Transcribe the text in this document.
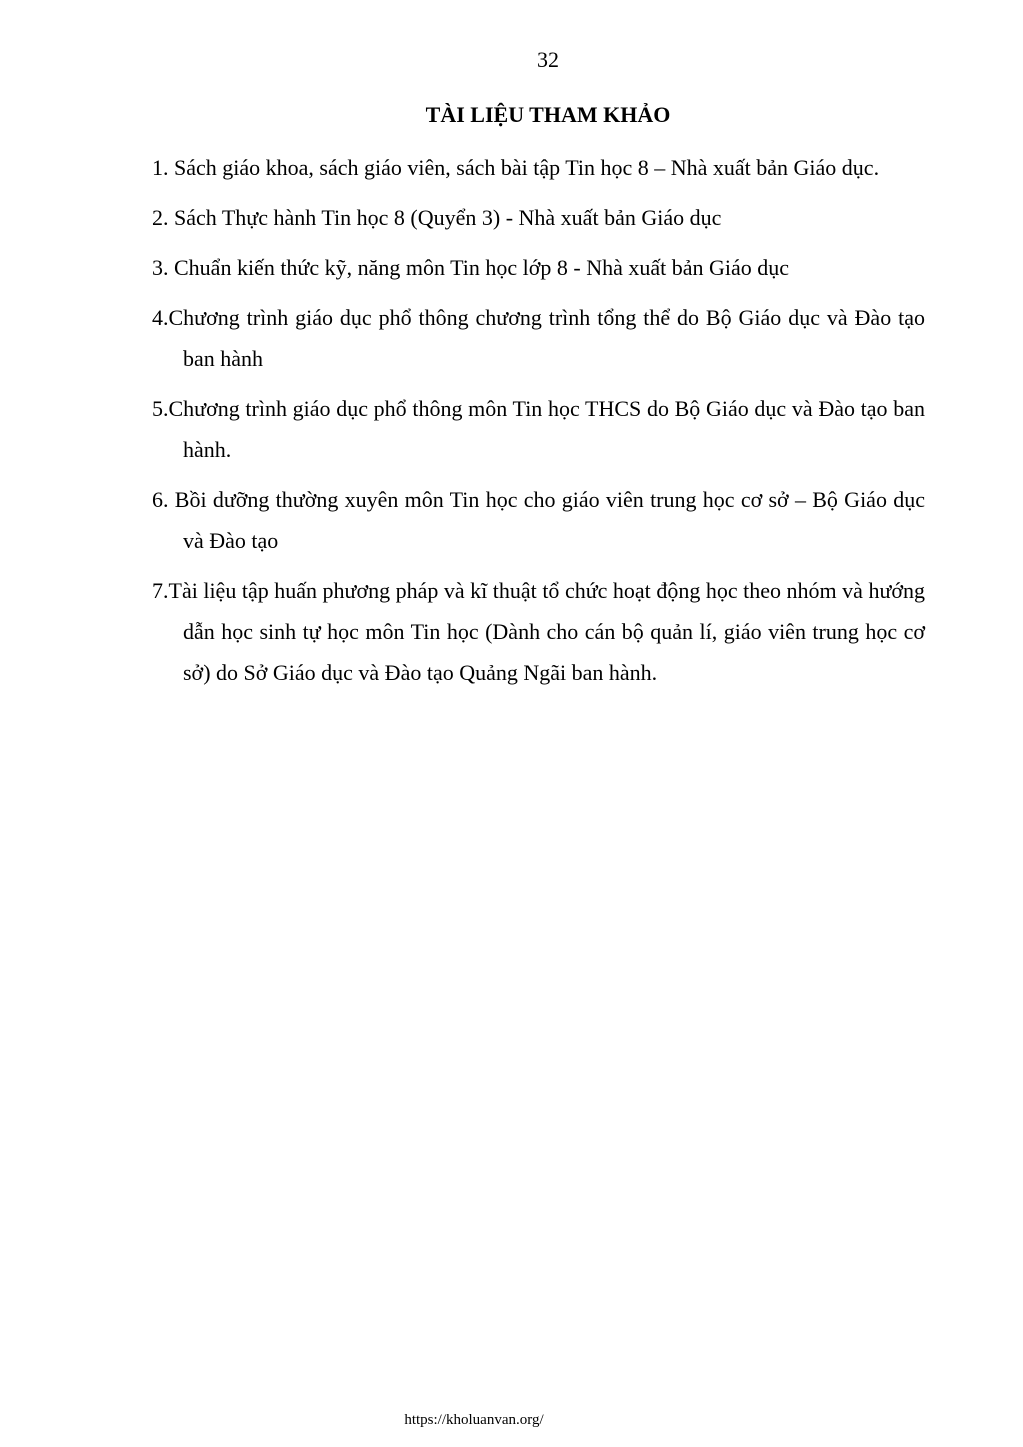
32
TÀI LIỆU THAM KHẢO
1. Sách giáo khoa, sách giáo viên, sách bài tập Tin học 8 – Nhà xuất bản Giáo dục.
2. Sách Thực hành Tin học 8 (Quyển 3) - Nhà xuất bản Giáo dục
3. Chuẩn kiến thức kỹ, năng môn Tin học lớp 8 - Nhà xuất bản Giáo dục
4.Chương trình giáo dục phổ thông chương trình tổng thể do Bộ Giáo dục và Đào tạo ban hành
5.Chương trình giáo dục phổ thông môn Tin học THCS do Bộ Giáo dục và Đào tạo ban hành.
6. Bồi dưỡng thường xuyên môn Tin học cho giáo viên trung học cơ sở – Bộ Giáo dục và Đào tạo
7.Tài liệu tập huấn phương pháp và kĩ thuật tổ chức hoạt động học theo nhóm và hướng dẫn học sinh tự học môn Tin học (Dành cho cán bộ quản lí, giáo viên trung học cơ sở) do Sở Giáo dục và Đào tạo Quảng Ngãi ban hành.
https://kholuanvan.org/
